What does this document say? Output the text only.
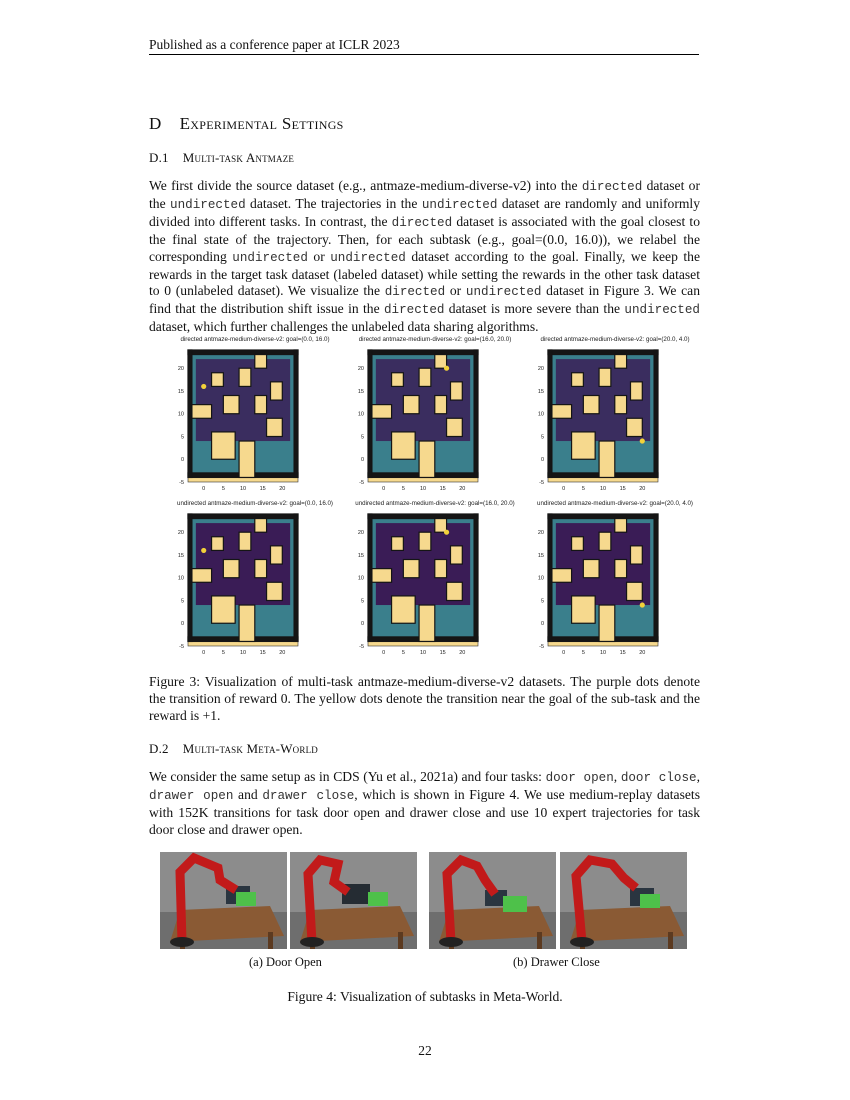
Published as a conference paper at ICLR 2023
D Experimental Settings
D.1 Multi-task Antmaze
We first divide the source dataset (e.g., antmaze-medium-diverse-v2) into the directed dataset or the undirected dataset. The trajectories in the undirected dataset are randomly and uniformly divided into different tasks. In contrast, the directed dataset is associated with the goal closest to the final state of the trajectory. Then, for each subtask (e.g., goal=(0.0, 16.0)), we relabel the corresponding undirected or undirected dataset according to the goal. Finally, we keep the rewards in the target task dataset (labeled dataset) while setting the rewards in the other task dataset to 0 (unlabeled dataset). We visualize the directed or undirected dataset in Figure 3. We can find that the distribution shift issue in the directed dataset is more severe than the undirected dataset, which further challenges the unlabeled data sharing algorithms.
directed antmaze-medium-diverse-v2: goal=(0.0, 16.0)
20
15
10
5
0
-5
0	5	10 15 20
directed antmaze-medium-diverse-v2: goal=(16.0, 20.0)
20
15
10
5
0
-5
0	5	10 15 20
directed antmaze-medium-diverse-v2: goal=(20.0, 4.0)
20
15
10
5
0
-5
0	5	10 15 20
undirected antmaze-medium-diverse-v2: goal=(0.0, 16.0)
20
15
10
5
0
-5
0	5	10 15 20
undirected antmaze-medium-diverse-v2: goal=(16.0, 20.0)
20
15
10
5
0
-5
0	5	10 15 20
undirected antmaze-medium-diverse-v2: goal=(20.0, 4.0)
20
15
10
5
0
-5
0	5	10 15 20
Figure 3: Visualization of multi-task antmaze-medium-diverse-v2 datasets. The purple dots denote the transition of reward 0. The yellow dots denote the transition near the goal of the sub-task and the reward is +1.
D.2 Multi-task Meta-World
We consider the same setup as in CDS (Yu et al., 2021a) and four tasks: door open, door close, drawer open and drawer close, which is shown in Figure 4. We use medium-replay datasets with 152K transitions for task door open and drawer close and use 10 expert trajectories for task door close and drawer open.
(a) Door Open	(b) Drawer Close
Figure 4: Visualization of subtasks in Meta-World.
22
